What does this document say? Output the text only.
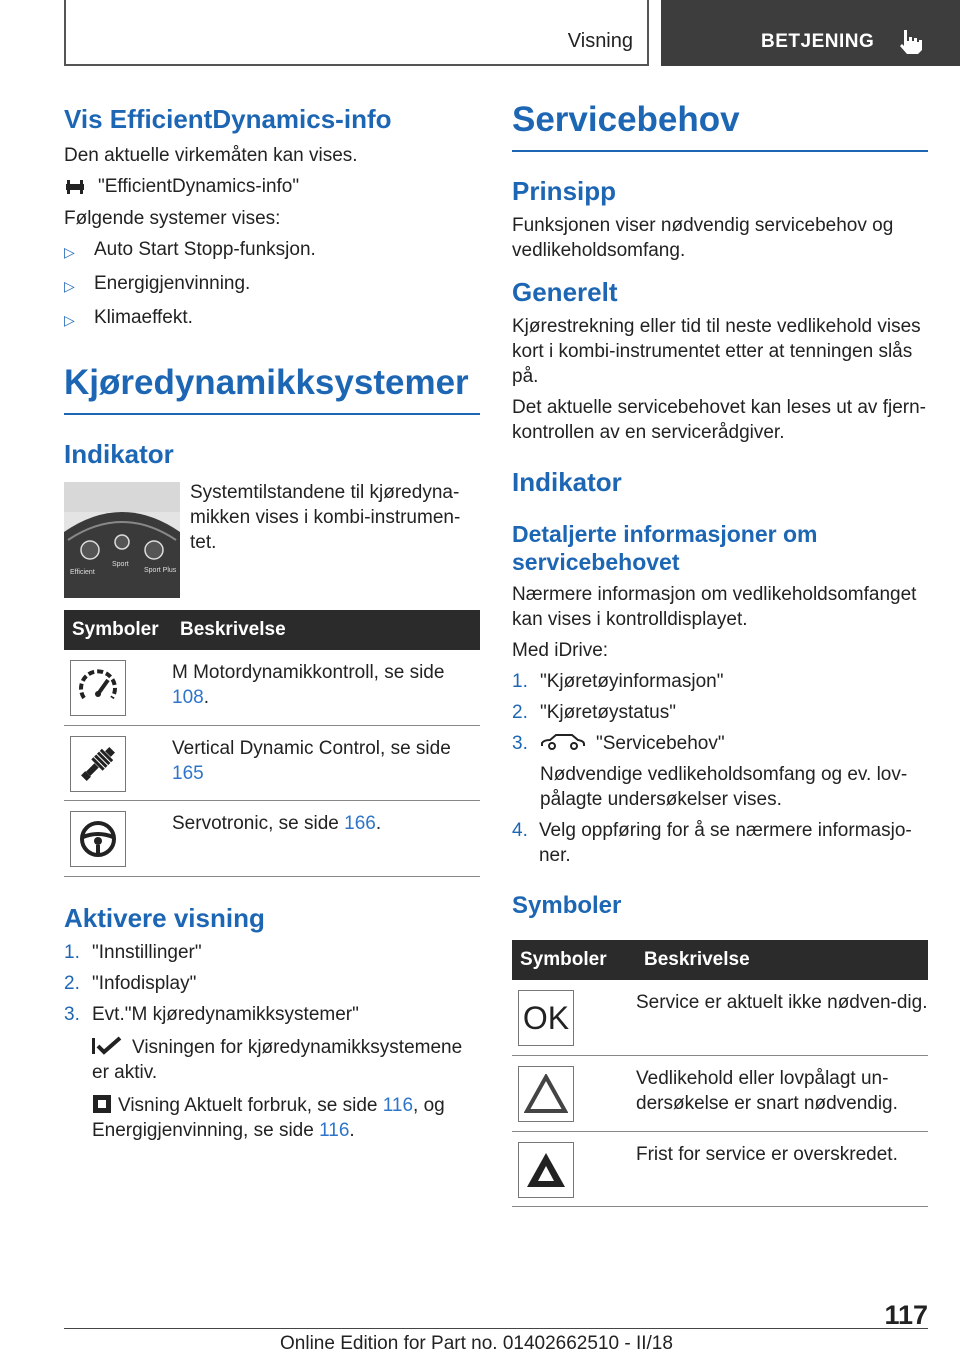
Visning	BETJENING
Vis EfficientDynamics-info

Den aktuelle virkemåten kan vises.

"EfficientDynamics-info"

Følgende systemer vises:

▷	Auto Start Stopp-funksjon.
▷	Energigjenvinning.
▷	Klimaeffekt.
Kjøredynamikksystemer
Indikator
Efficient
Sport
Sport Plus

Systemtilstandene til kjøredyna-mikken vises i kombi-instrumen-tet.

Symboler	Beskrivelse

	M Motordynamikkontroll, se side 108.

	Vertical Dynamic Control, se side 165

	Servotronic, se side 166.
Aktivere visning
1. "Innstillinger"
2. "Infodisplay"
3. Evt."M kjøredynamikksystemer"

Visningen for kjøredynamikksystemene er aktiv.

Visning Aktuelt forbruk, se side 116, og Energigjenvinning, se side 116.

Servicebehov
Prinsipp

Funksjonen viser nødvendig servicebehov og vedlikeholdsomfang.

Generelt

Kjørestrekning eller tid til neste vedlikehold vises kort i kombi-instrumentet etter at tenningen slås på.

Det aktuelle servicebehovet kan leses ut av fjern-kontrollen av en servicerådgiver.

Indikator
Detaljerte informasjoner om servicebehovet

Nærmere informasjon om vedlikeholdsomfanget kan vises i kontrolldisplayet.

Med iDrive:

1. "Kjøretøyinformasjon"
2. "Kjøretøystatus"
3.	"Servicebehov"

Nødvendige vedlikeholdsomfang og ev. lov-pålagte undersøkelser vises.

4. Velg oppføring for å se nærmere informasjo-ner.
Symboler
Symboler	Beskrivelse

OK	Service er aktuelt ikke nødven-dig.

	Vedlikehold eller lovpålagt un-dersøkelse er snart nødvendig.

	Frist for service er overskredet.
117
Online Edition for Part no. 01402662510 - II/18
